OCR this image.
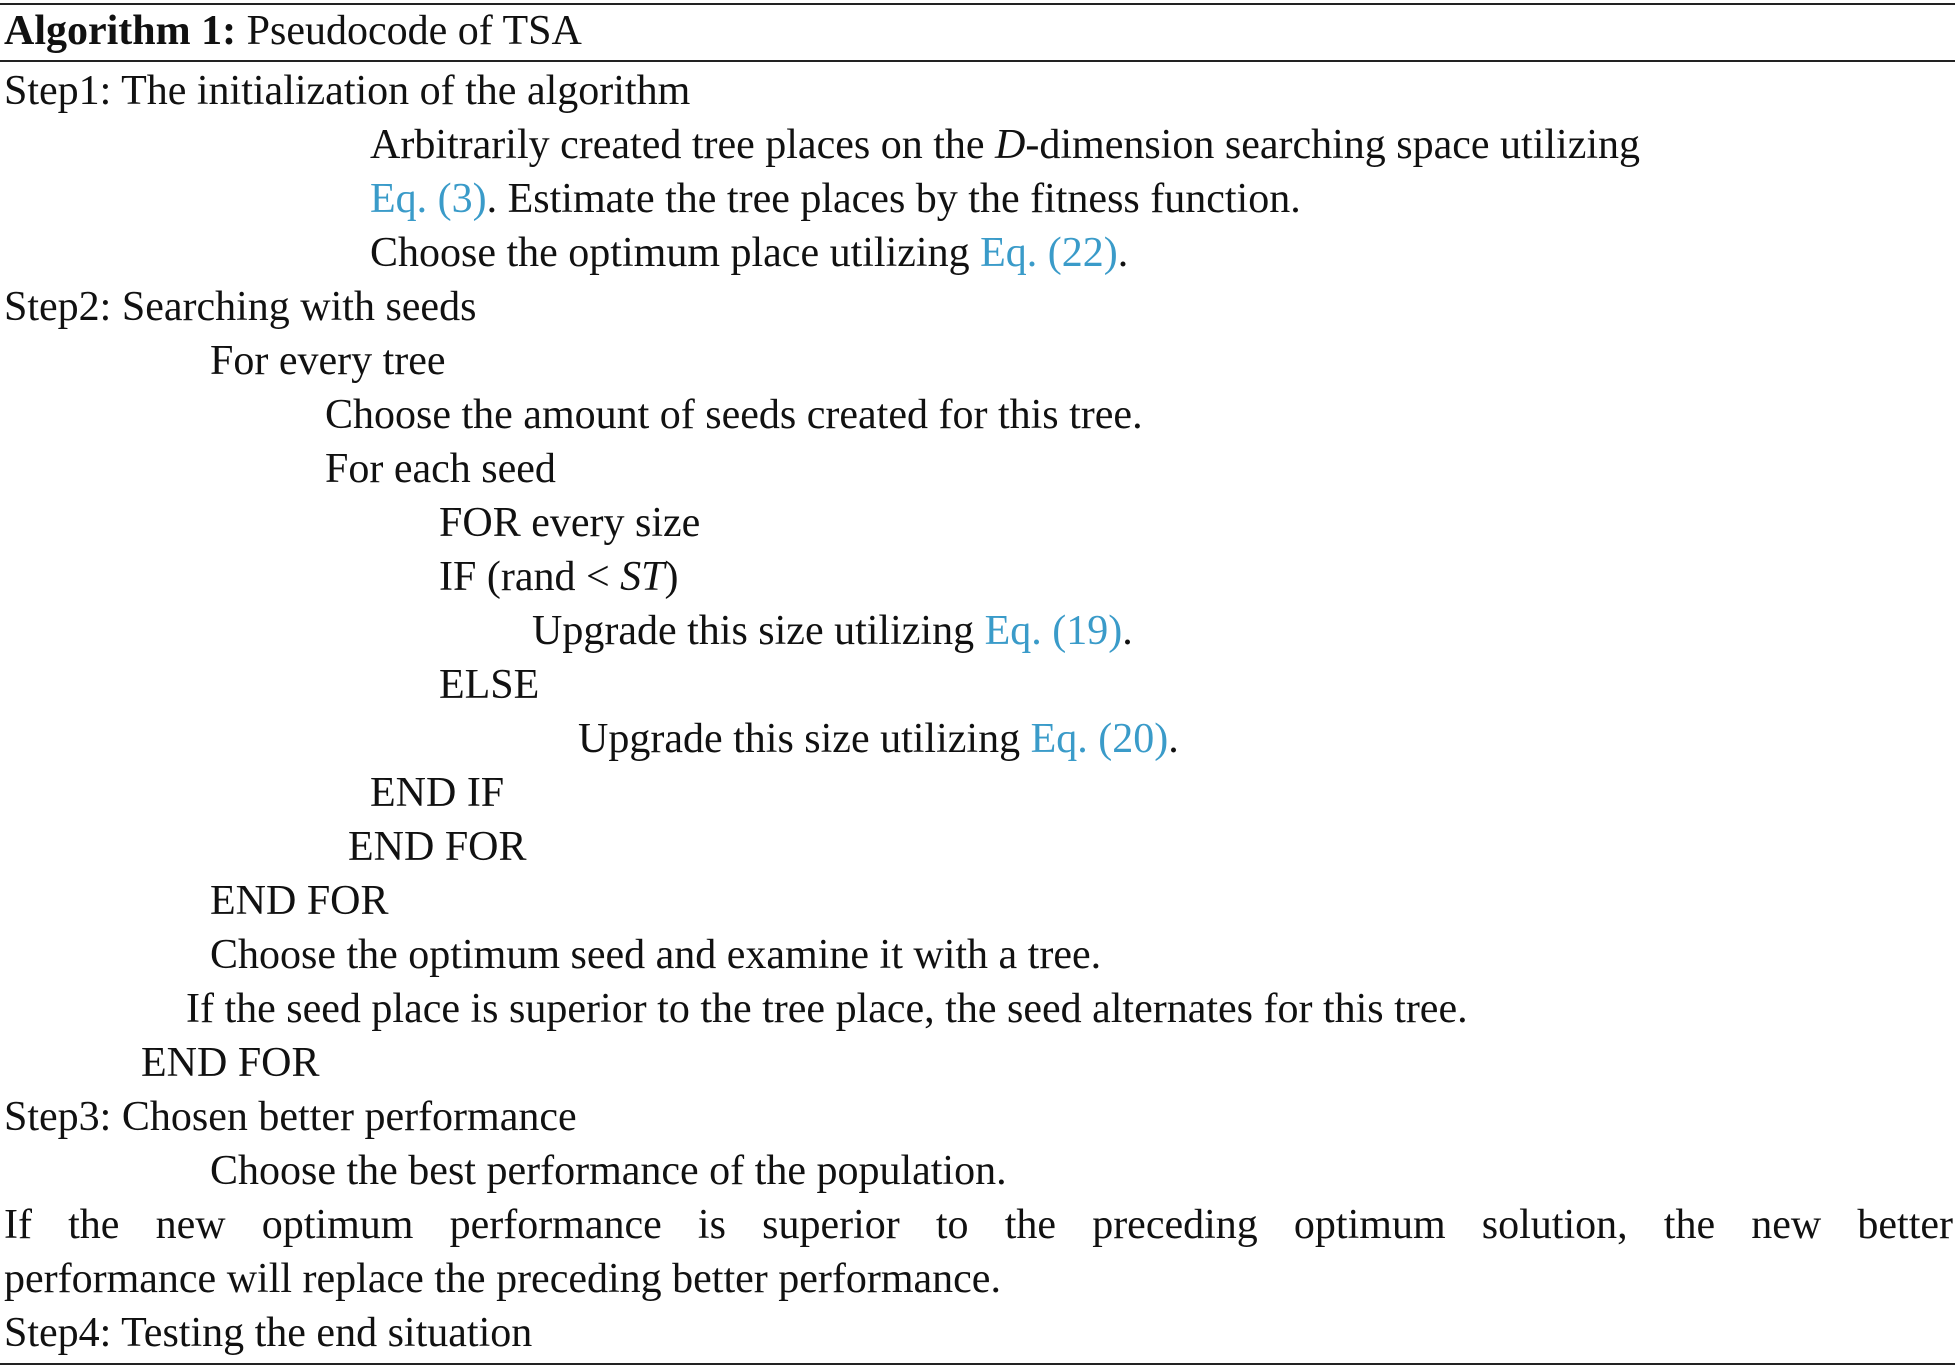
Algorithm 1: Pseudocode of TSA
Step1: The initialization of the algorithm
Arbitrarily created tree places on the D-dimension searching space utilizing
Eq. (3). Estimate the tree places by the fitness function.
Choose the optimum place utilizing Eq. (22).
Step2: Searching with seeds
For every tree
Choose the amount of seeds created for this tree.
For each seed
FOR every size
IF (rand < ST)
Upgrade this size utilizing Eq. (19).
ELSE
Upgrade this size utilizing Eq. (20).
END IF
END FOR
END FOR
Choose the optimum seed and examine it with a tree.
If the seed place is superior to the tree place, the seed alternates for this tree.
END FOR
Step3: Chosen better performance
Choose the best performance of the population.
If the new optimum performance is superior to the preceding optimum solution, the new better
performance will replace the preceding better performance.
Step4: Testing the end situation
